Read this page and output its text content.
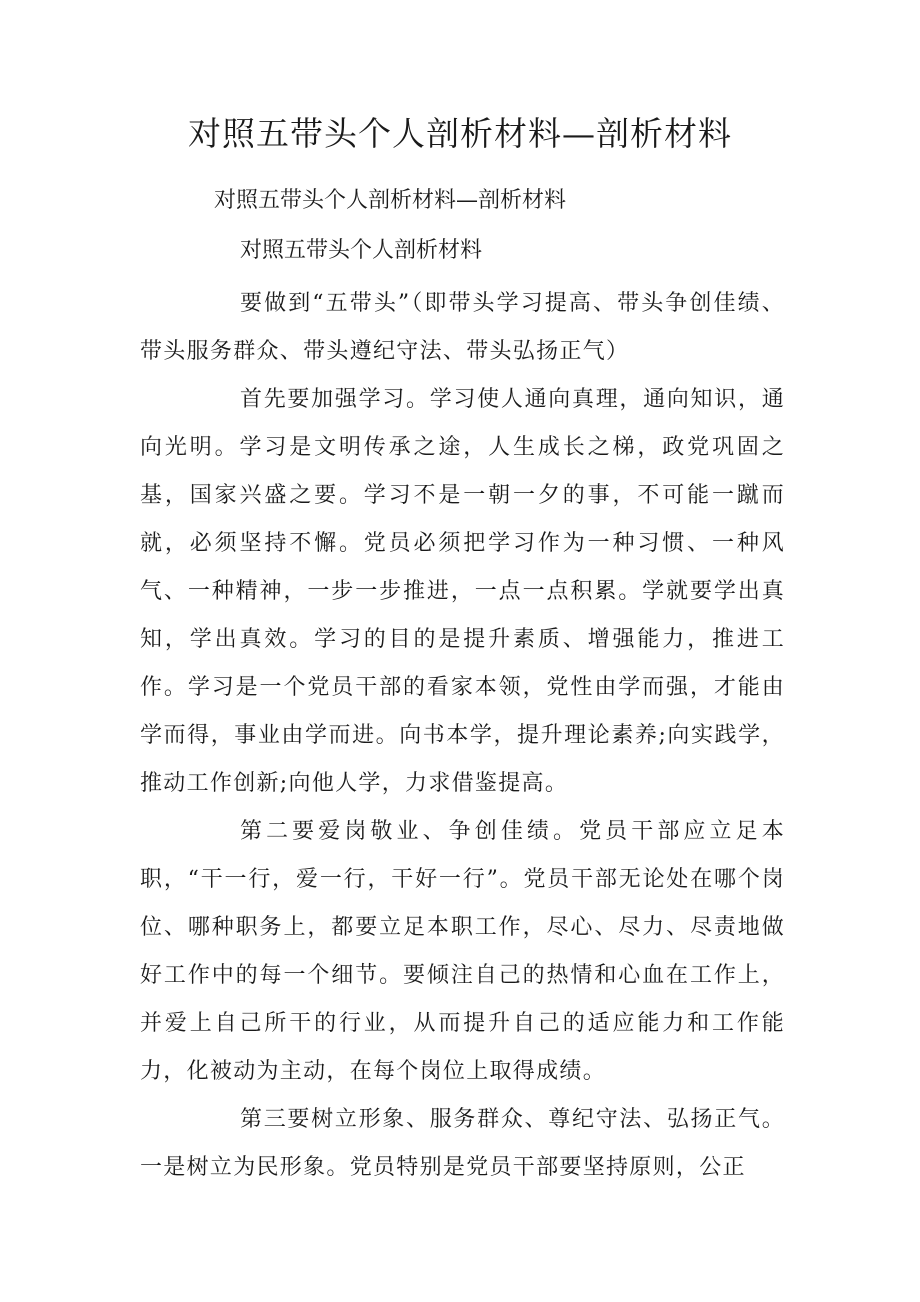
对照五带头个人剖析材料—剖析材料

对照五带头个人剖析材料—剖析材料

对照五带头个人剖析材料

要做到“五带头”（即带头学习提高、带头争创佳绩、带头服务群众、带头遵纪守法、带头弘扬正气）

首先要加强学习。学习使人通向真理，通向知识，通向光明。学习是文明传承之途，人生成长之梯，政党巩固之基，国家兴盛之要。学习不是一朝一夕的事，不可能一蹴而就，必须坚持不懈。党员必须把学习作为一种习惯、一种风气、一种精神，一步一步推进，一点一点积累。学就要学出真知，学出真效。学习的目的是提升素质、增强能力，推进工作。学习是一个党员干部的看家本领，党性由学而强，才能由学而得，事业由学而进。向书本学，提升理论素养;向实践学，推动工作创新;向他人学，力求借鉴提高。

第二要爱岗敬业、争创佳绩。党员干部应立足本职，“干一行，爱一行，干好一行”。党员干部无论处在哪个岗位、哪种职务上，都要立足本职工作，尽心、尽力、尽责地做好工作中的每一个细节。要倾注自己的热情和心血在工作上，并爱上自己所干的行业，从而提升自己的适应能力和工作能力，化被动为主动，在每个岗位上取得成绩。

第三要树立形象、服务群众、尊纪守法、弘扬正气。一是树立为民形象。党员特别是党员干部要坚持原则，公正
